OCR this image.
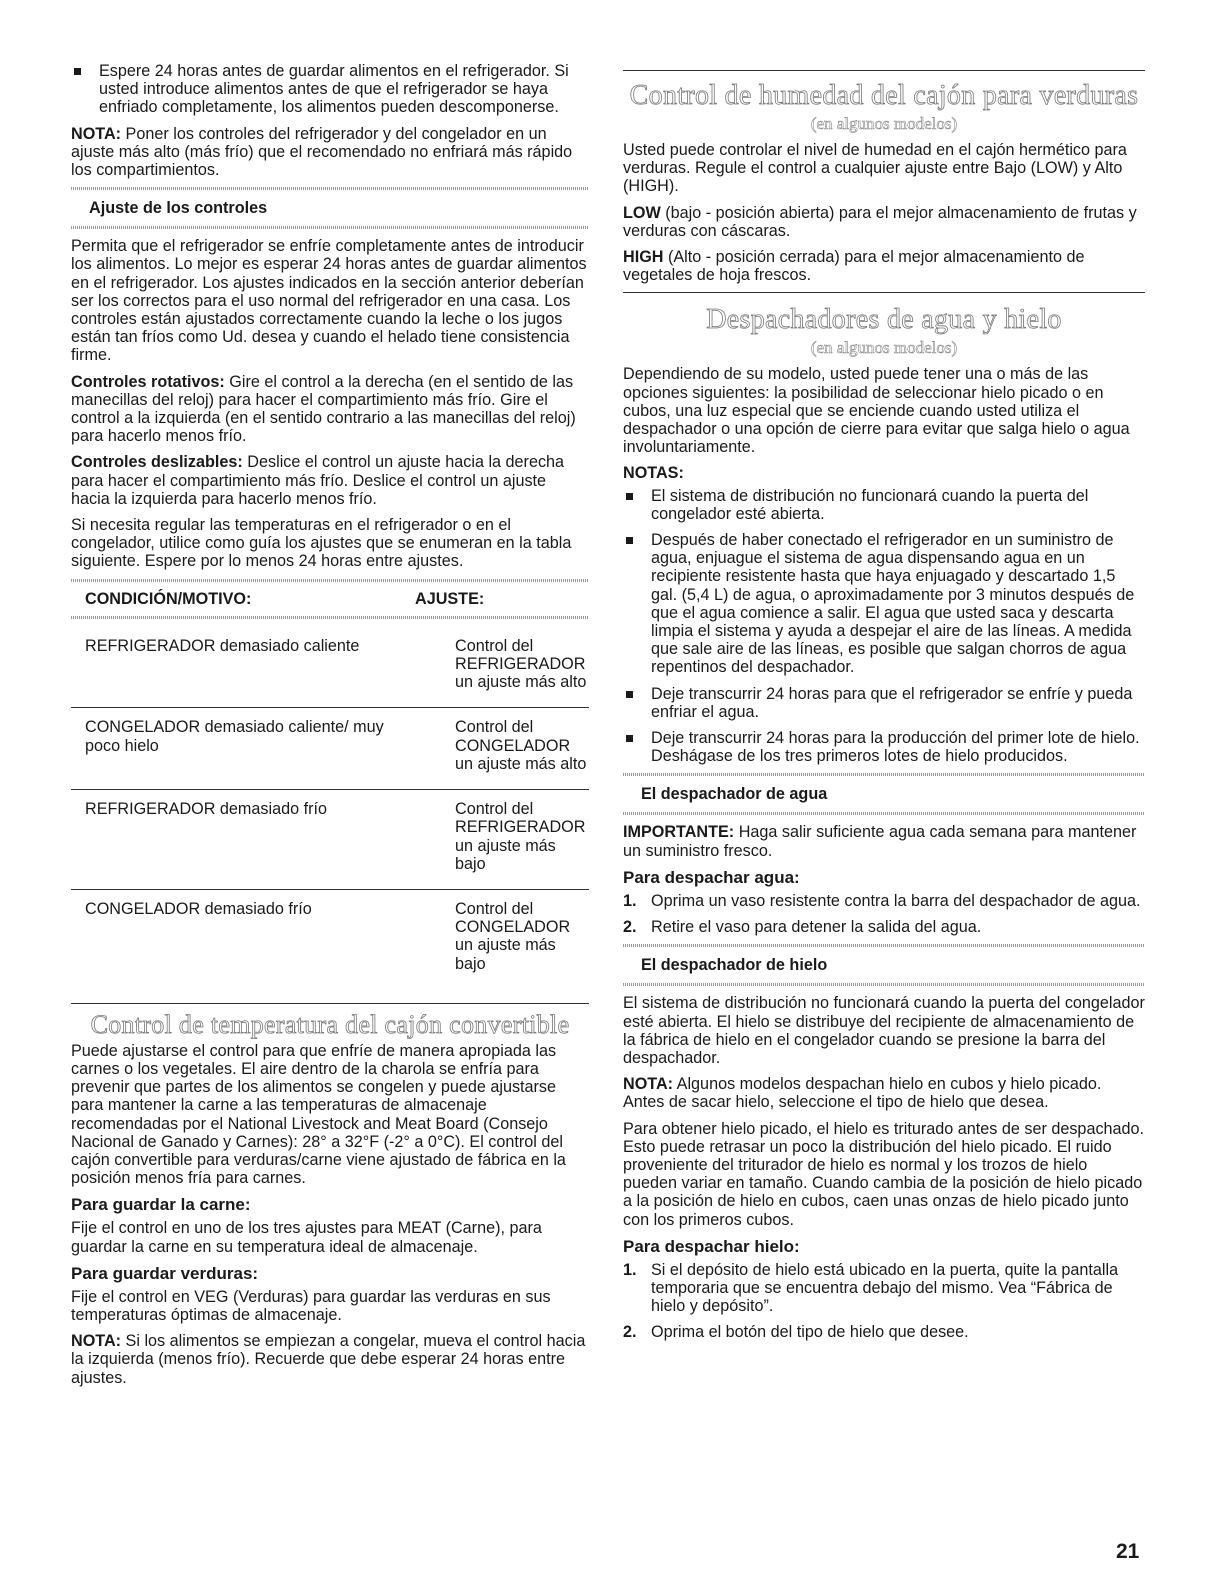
Espere 24 horas antes de guardar alimentos en el refrigerador. Si usted introduce alimentos antes de que el refrigerador se haya enfriado completamente, los alimentos pueden descomponerse.

NOTA: Poner los controles del refrigerador y del congelador en un ajuste más alto (más frío) que el recomendado no enfriará más rápido los compartimientos.

Ajuste de los controles

Permita que el refrigerador se enfríe completamente antes de introducir los alimentos. Lo mejor es esperar 24 horas antes de guardar alimentos en el refrigerador. Los ajustes indicados en la sección anterior deberían ser los correctos para el uso normal del refrigerador en una casa. Los controles están ajustados correctamente cuando la leche o los jugos están tan fríos como Ud. desea y cuando el helado tiene consistencia firme.

Controles rotativos: Gire el control a la derecha (en el sentido de las manecillas del reloj) para hacer el compartimiento más frío. Gire el control a la izquierda (en el sentido contrario a las manecillas del reloj) para hacerlo menos frío.

Controles deslizables: Deslice el control un ajuste hacia la derecha para hacer el compartimiento más frío. Deslice el control un ajuste hacia la izquierda para hacerlo menos frío.

Si necesita regular las temperaturas en el refrigerador o en el congelador, utilice como guía los ajustes que se enumeran en la tabla siguiente. Espere por lo menos 24 horas entre ajustes.

CONDICIÓN/MOTIVO:	AJUSTE:
REFRIGERADOR demasiado caliente	Control del
REFRIGERADOR
un ajuste más alto

CONGELADOR demasiado caliente/ muy poco hielo	Control del
CONGELADOR
un ajuste más alto

REFRIGERADOR demasiado frío	Control del
REFRIGERADOR
un ajuste más bajo

CONGELADOR demasiado frío	Control del
CONGELADOR
un ajuste más bajo
Control de temperatura del cajón convertible

Puede ajustarse el control para que enfríe de manera apropiada las carnes o los vegetales. El aire dentro de la charola se enfría para prevenir que partes de los alimentos se congelen y puede ajustarse para mantener la carne a las temperaturas de almacenaje recomendadas por el National Livestock and Meat Board (Consejo Nacional de Ganado y Carnes): 28° a 32°F (-2° a 0°C). El control del cajón convertible para verduras/carne viene ajustado de fábrica en la posición menos fría para carnes.

Para guardar la carne:

Fije el control en uno de los tres ajustes para MEAT (Carne), para guardar la carne en su temperatura ideal de almacenaje.

Para guardar verduras:

Fije el control en VEG (Verduras) para guardar las verduras en sus temperaturas óptimas de almacenaje.

NOTA: Si los alimentos se empiezan a congelar, mueva el control hacia la izquierda (menos frío). Recuerde que debe esperar 24 horas entre ajustes.

Control de humedad del cajón para verduras
(en algunos modelos)

Usted puede controlar el nivel de humedad en el cajón hermético para verduras. Regule el control a cualquier ajuste entre Bajo (LOW) y Alto (HIGH).

LOW (bajo - posición abierta) para el mejor almacenamiento de frutas y verduras con cáscaras.

HIGH (Alto - posición cerrada) para el mejor almacenamiento de vegetales de hoja frescos.

Despachadores de agua y hielo
(en algunos modelos)

Dependiendo de su modelo, usted puede tener una o más de las opciones siguientes: la posibilidad de seleccionar hielo picado o en cubos, una luz especial que se enciende cuando usted utiliza el despachador o una opción de cierre para evitar que salga hielo o agua involuntariamente.

NOTAS:

El sistema de distribución no funcionará cuando la puerta del congelador esté abierta.
Después de haber conectado el refrigerador en un suministro de agua, enjuague el sistema de agua dispensando agua en un recipiente resistente hasta que haya enjuagado y descartado 1,5 gal. (5,4 L) de agua, o aproximadamente por 3 minutos después de que el agua comience a salir. El agua que usted saca y descarta limpia el sistema y ayuda a despejar el aire de las líneas. A medida que sale aire de las líneas, es posible que salgan chorros de agua repentinos del despachador.
Deje transcurrir 24 horas para que el refrigerador se enfríe y pueda enfriar el agua.
Deje transcurrir 24 horas para la producción del primer lote de hielo. Deshágase de los tres primeros lotes de hielo producidos.
El despachador de agua

IMPORTANTE: Haga salir suficiente agua cada semana para mantener un suministro fresco.

Para despachar agua:
1. Oprima un vaso resistente contra la barra del despachador de agua.
2. Retire el vaso para detener la salida del agua.
El despachador de hielo

El sistema de distribución no funcionará cuando la puerta del congelador esté abierta. El hielo se distribuye del recipiente de almacenamiento de la fábrica de hielo en el congelador cuando se presione la barra del despachador.

NOTA: Algunos modelos despachan hielo en cubos y hielo picado. Antes de sacar hielo, seleccione el tipo de hielo que desea.

Para obtener hielo picado, el hielo es triturado antes de ser despachado. Esto puede retrasar un poco la distribución del hielo picado. El ruido proveniente del triturador de hielo es normal y los trozos de hielo pueden variar en tamaño. Cuando cambia de la posición de hielo picado a la posición de hielo en cubos, caen unas onzas de hielo picado junto con los primeros cubos.

Para despachar hielo:
1. Si el depósito de hielo está ubicado en la puerta, quite la pantalla temporaria que se encuentra debajo del mismo. Vea “Fábrica de hielo y depósito”.
2. Oprima el botón del tipo de hielo que desee.
21
